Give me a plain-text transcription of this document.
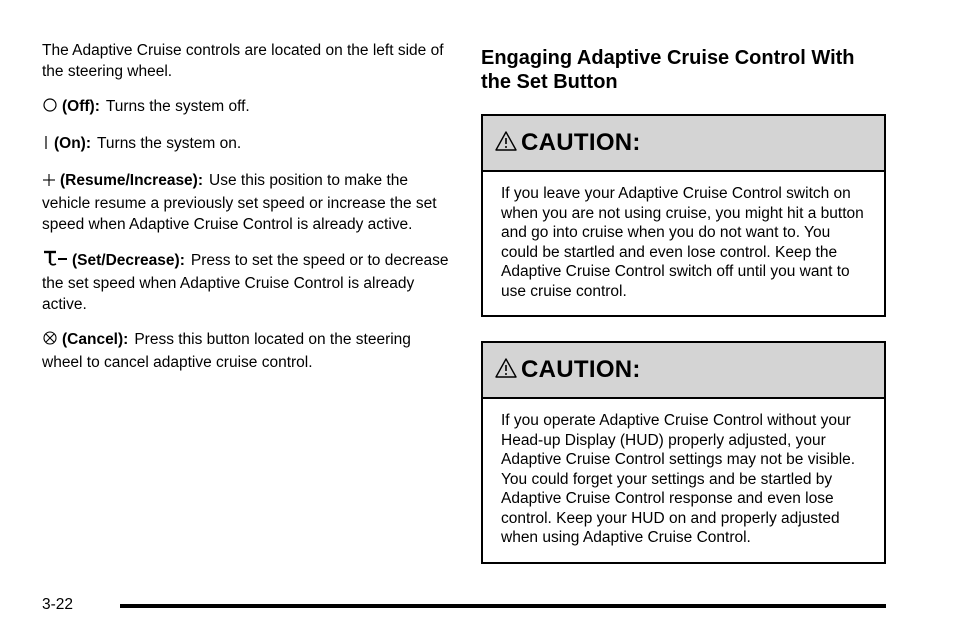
The Adaptive Cruise controls are located on the left side of the steering wheel.

(Off): Turns the system off.

(On): Turns the system on.

(Resume/Increase): Use this position to make the vehicle resume a previously set speed or increase the set speed when Adaptive Cruise Control is already active.

(Set/Decrease): Press to set the speed or to decrease the set speed when Adaptive Cruise Control is already active.

(Cancel): Press this button located on the steering wheel to cancel adaptive cruise control.

Engaging Adaptive Cruise Control With the Set Button
CAUTION:
If you leave your Adaptive Cruise Control switch on when you are not using cruise, you might hit a button and go into cruise when you do not want to. You could be startled and even lose control. Keep the Adaptive Cruise Control switch off until you want to use cruise control.
CAUTION:
If you operate Adaptive Cruise Control without your Head-up Display (HUD) properly adjusted, your Adaptive Cruise Control settings may not be visible. You could forget your settings and be startled by Adaptive Cruise Control response and even lose control. Keep your HUD on and properly adjusted when using Adaptive Cruise Control.
3-22
